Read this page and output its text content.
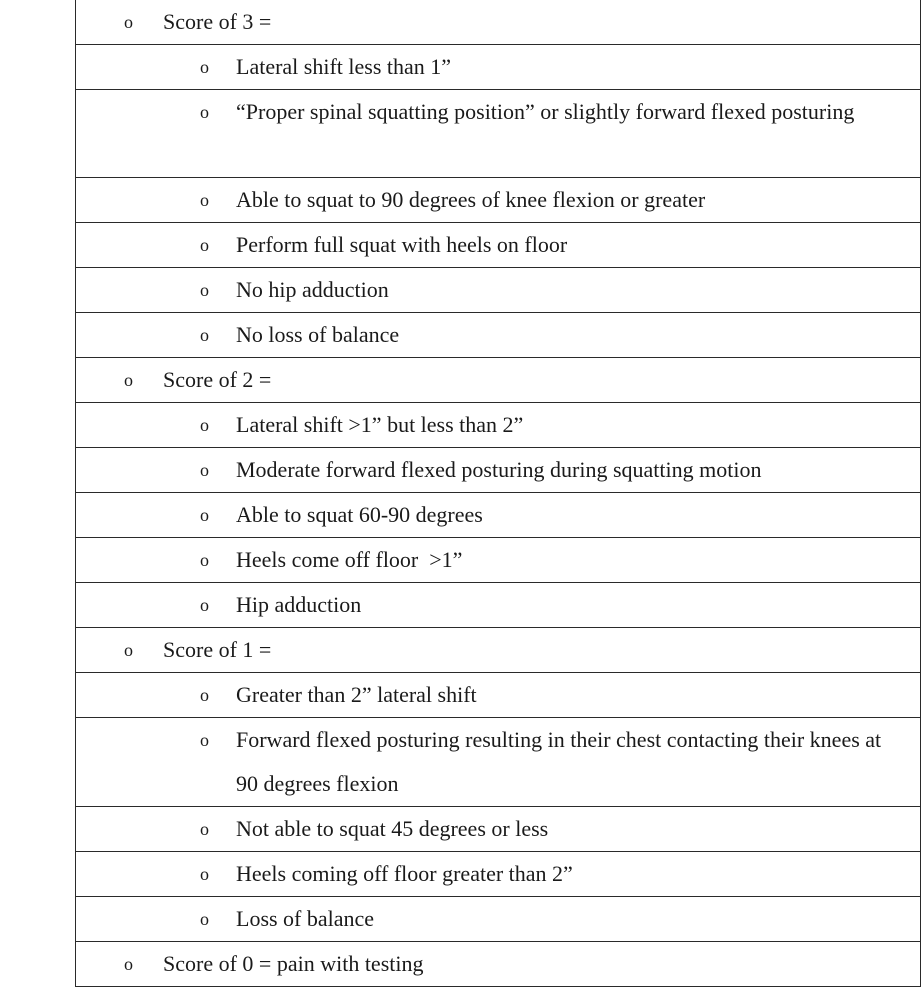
o	Score of 3 =

o	Lateral shift less than 1”

o	“Proper spinal squatting position” or slightly forward flexed posturing

o	Able to squat to 90 degrees of knee flexion or greater

o	Perform full squat with heels on floor

o	No hip adduction

o	No loss of balance

o	Score of 2 =

o	Lateral shift >1” but less than 2”

o	Moderate forward flexed posturing during squatting motion

o	Able to squat 60-90 degrees

o	Heels come off floor  >1”

o	Hip adduction

o	Score of 1 =

o	Greater than 2” lateral shift

o	Forward flexed posturing resulting in their chest contacting their knees at 90 degrees flexion

o	Not able to squat 45 degrees or less

o	Heels coming off floor greater than 2”

o	Loss of balance

o	Score of 0 = pain with testing
